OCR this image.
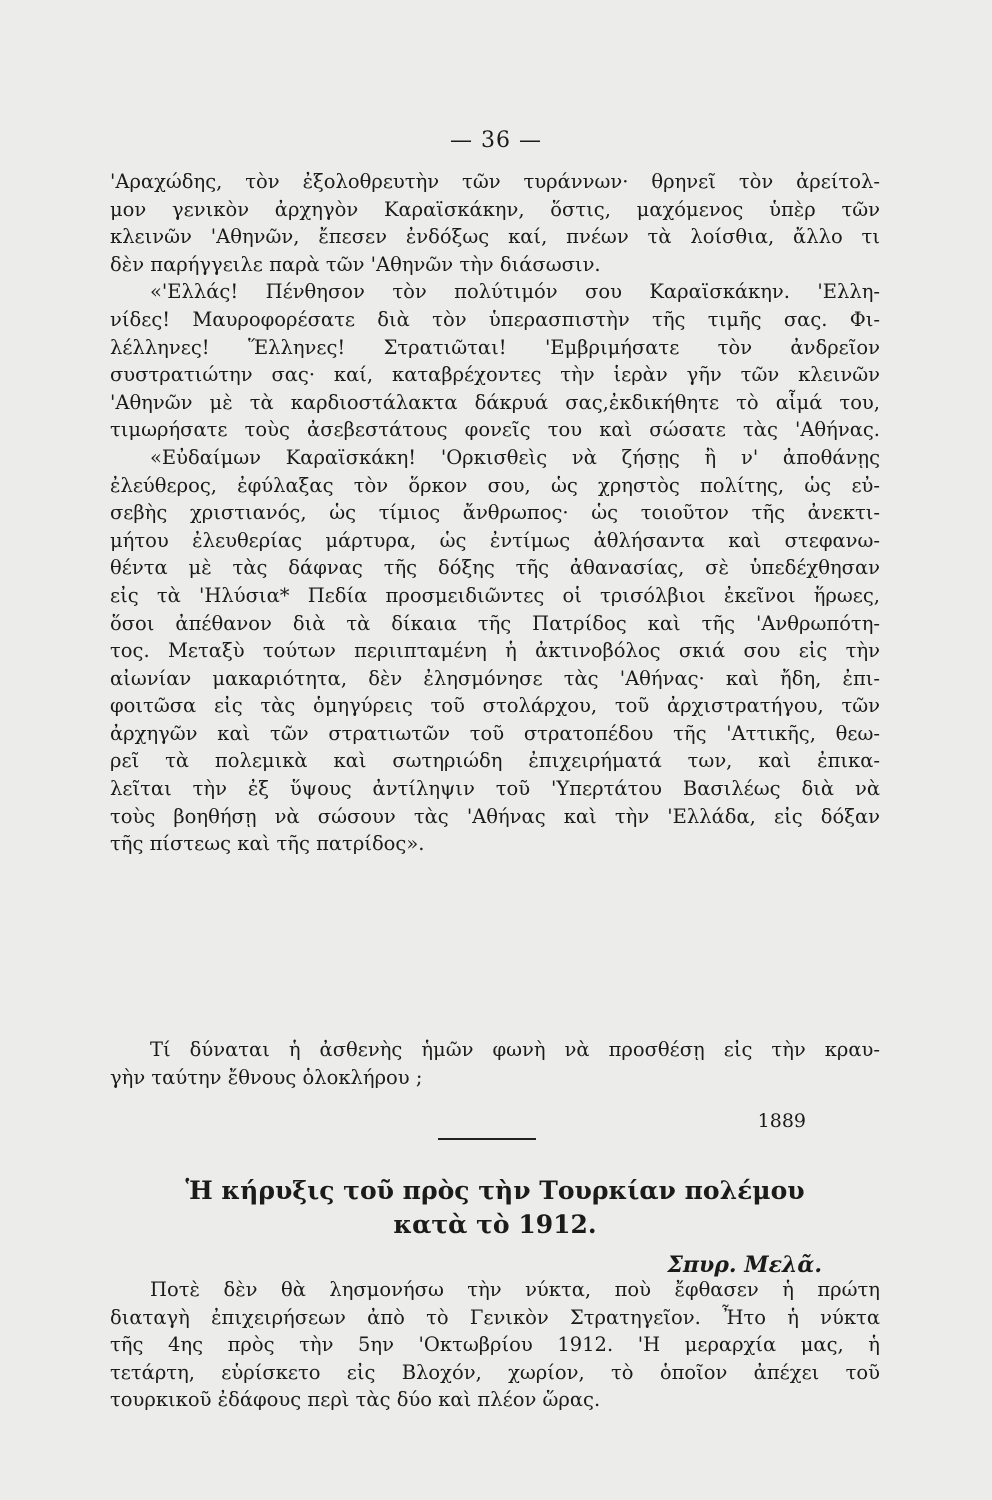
— 36 —
'Αραχώδης, τὸν ἐξολοθρευτὴν τῶν τυράννων· θρηνεῖ τὸν ἀρείτολ-
μον γενικὸν ἀρχηγὸν Καραϊσκάκην, ὅστις, μαχόμενος ὑπὲρ τῶν
κλεινῶν 'Αθηνῶν, ἔπεσεν ἐνδόξως καί, πνέων τὰ λοίσθια, ἄλλο τι
δὲν παρήγγειλε παρὰ τῶν 'Αθηνῶν τὴν διάσωσιν.
«'Ελλάς! Πένθησον τὸν πολύτιμόν σου Καραϊσκάκην. 'Ελλη-
νίδες! Μαυροφορέσατε διὰ τὸν ὑπερασπιστὴν τῆς τιμῆς σας. Φι-
λέλληνες! Ἕλληνες! Στρατιῶται! 'Εμβριμήσατε τὸν ἀνδρεῖον
συστρατιώτην σας· καί, καταβρέχοντες τὴν ἱερὰν γῆν τῶν κλεινῶν
'Αθηνῶν μὲ τὰ καρδιοστάλακτα δάκρυά σας,ἐκδικήθητε τὸ αἷμά του,
τιμωρήσατε τοὺς ἀσεβεστάτους φονεῖς του καὶ σώσατε τὰς 'Αθήνας.
«Εὐδαίμων Καραϊσκάκη! 'Ορκισθεὶς νὰ ζήσῃς ἢ ν' ἀποθάνῃς
ἐλεύθερος, ἐφύλαξας τὸν ὅρκον σου, ὡς χρηστὸς πολίτης, ὡς εὐ-
σεβὴς χριστιανός, ὡς τίμιος ἄνθρωπος· ὡς τοιοῦτον τῆς ἀνεκτι-
μήτου ἐλευθερίας μάρτυρα, ὡς ἐντίμως ἀθλήσαντα καὶ στεφανω-
θέντα μὲ τὰς δάφνας τῆς δόξης τῆς ἀθανασίας, σὲ ὑπεδέχθησαν
εἰς τὰ 'Ηλύσια* Πεδία προσμειδιῶντες οἱ τρισόλβιοι ἐκεῖνοι ἥρωες,
ὅσοι ἀπέθανον διὰ τὰ δίκαια τῆς Πατρίδος καὶ τῆς 'Ανθρωπότη-
τος. Μεταξὺ τούτων περιιπταμένη ἡ ἀκτινοβόλος σκιά σου εἰς τὴν
αἰωνίαν μακαριότητα, δὲν ἐλησμόνησε τὰς 'Αθήνας· καὶ ἤδη, ἐπι-
φοιτῶσα εἰς τὰς ὁμηγύρεις τοῦ στολάρχου, τοῦ ἀρχιστρατήγου, τῶν
ἀρχηγῶν καὶ τῶν στρατιωτῶν τοῦ στρατοπέδου τῆς 'Αττικῆς, θεω-
ρεῖ τὰ πολεμικὰ καὶ σωτηριώδη ἐπιχειρήματά των, καὶ ἐπικα-
λεῖται τὴν ἐξ ὕψους ἀντίληψιν τοῦ 'Υπερτάτου Βασιλέως διὰ νὰ
τοὺς βοηθήσῃ νὰ σώσουν τὰς 'Αθήνας καὶ τὴν 'Ελλάδα, εἰς δόξαν
τῆς πίστεως καὶ τῆς πατρίδος».
Τί δύναται ἡ ἀσθενὴς ἡμῶν φωνὴ νὰ προσθέσῃ εἰς τὴν κραυ-
γὴν ταύτην ἔθνους ὁλοκλήρου ;
1889
Ἡ κήρυξις τοῦ πρὸς τὴν Τουρκίαν πολέμου
κατὰ τὸ 1912.
Σπυρ. Μελᾶ.
Ποτὲ δὲν θὰ λησμονήσω τὴν νύκτα, ποὺ ἔφθασεν ἡ πρώτη
διαταγὴ ἐπιχειρήσεων ἀπὸ τὸ Γενικὸν Στρατηγεῖον. Ἦτο ἡ νύκτα
τῆς 4ης πρὸς τὴν 5ην 'Οκτωβρίου 1912. 'Η μεραρχία μας, ἡ
τετάρτη, εὑρίσκετο εἰς Βλοχόν, χωρίον, τὸ ὁποῖον ἀπέχει τοῦ
τουρκικοῦ ἐδάφους περὶ τὰς δύο καὶ πλέον ὥρας.
